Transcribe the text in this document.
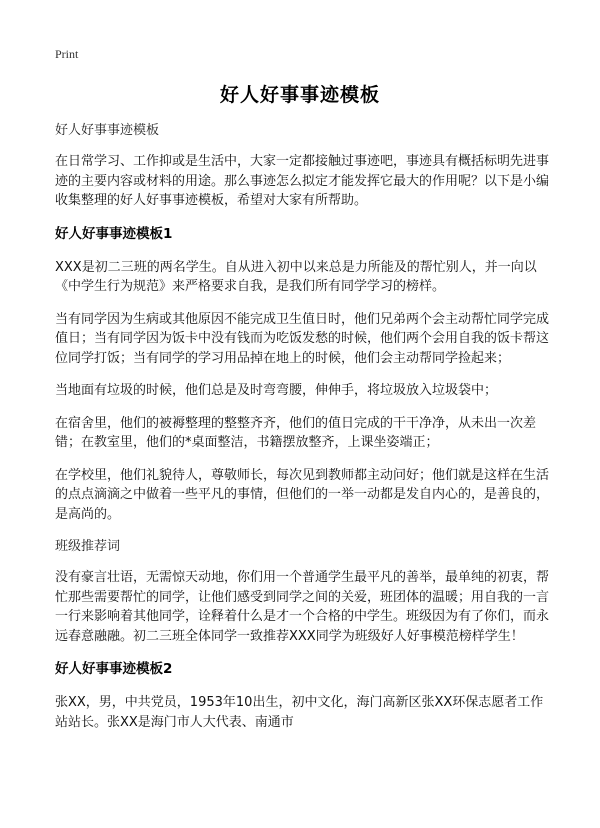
Print
好人好事事迹模板

好人好事事迹模板

在日常学习、工作抑或是生活中，大家一定都接触过事迹吧，事迹具有概括标明先进事迹的主要内容或材料的用途。那么事迹怎么拟定才能发挥它最大的作用呢？以下是小编收集整理的好人好事事迹模板，希望对大家有所帮助。

好人好事事迹模板1

XXX是初二三班的两名学生。自从进入初中以来总是力所能及的帮忙别人，并一向以《中学生行为规范》来严格要求自我，是我们所有同学学习的榜样。

当有同学因为生病或其他原因不能完成卫生值日时，他们兄弟两个会主动帮忙同学完成值日；当有同学因为饭卡中没有钱而为吃饭发愁的时候，他们两个会用自我的饭卡帮这位同学打饭；当有同学的学习用品掉在地上的时候，他们会主动帮同学捡起来；

当地面有垃圾的时候，他们总是及时弯弯腰，伸伸手，将垃圾放入垃圾袋中；

在宿舍里，他们的被褥整理的整整齐齐，他们的值日完成的干干净净，从未出一次差错；在教室里，他们的*桌面整洁，书籍摆放整齐，上课坐姿端正；

在学校里，他们礼貌待人，尊敬师长，每次见到教师都主动问好；他们就是这样在生活的点点滴滴之中做着一些平凡的事情，但他们的一举一动都是发自内心的，是善良的，是高尚的。

班级推荐词

没有豪言壮语，无需惊天动地，你们用一个普通学生最平凡的善举，最单纯的初衷，帮忙那些需要帮忙的同学，让他们感受到同学之间的关爱，班团体的温暖；用自我的一言一行来影响着其他同学，诠释着什么是才一个合格的中学生。班级因为有了你们，而永远春意融融。初二三班全体同学一致推荐XXX同学为班级好人好事模范榜样学生！

好人好事事迹模板2

张XX，男，中共党员，1953年10出生，初中文化，海门高新区张XX环保志愿者工作站站长。张XX是海门市人大代表、南通市
